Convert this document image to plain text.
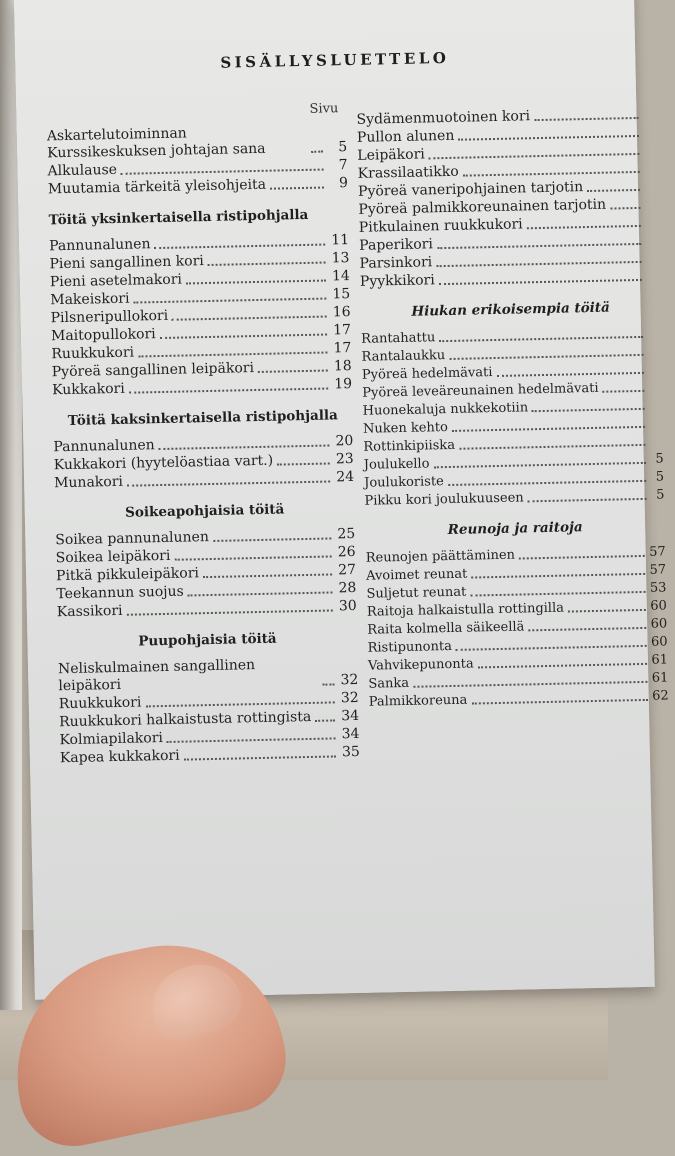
SISÄLLYSLUETTELO
Sivu
Askartelutoiminnan Kurssikeskuksen johtajan sana	5
Alkulause	7
Muutamia tärkeitä yleisohjeita	9
Töitä yksinkertaisella ristipohjalla
Pannunalunen	11
Pieni sangallinen kori	13
Pieni asetelmakori	14
Makeiskori	15
Pilsneripullokori	16
Maitopullokori	17
Ruukkukori	17
Pyöreä sangallinen leipäkori	18
Kukkakori	19
Töitä kaksinkertaisella ristipohjalla
Pannunalunen	20
Kukkakori (hyytelöastiaa vart.)	23
Munakori	24
Soikeapohjaisia töitä
Soikea pannunalunen	25
Soikea leipäkori	26
Pitkä pikkuleipäkori	27
Teekannun suojus	28
Kassikori	30
Puupohjaisia töitä
Neliskulmainen sangallinen leipäkori	32
Ruukkukori	32
Ruukkukori halkaistusta rottingista 34
Kolmiapilakori	34
Kapea kukkakori	35
Sydämenmuotoinen kori
Pullon alunen
Leipäkori
Krassilaatikko
Pyöreä vaneripohjainen tarjotin
Pyöreä palmikkoreunainen tarjotin
Pitkulainen ruukkukori
Paperikori
Parsinkori
Pyykkikori
Hiukan erikoisempia töitä
Rantahattu
Rantalaukku
Pyöreä hedelmävati
Pyöreä leveäreunainen hedelmävati
Huonekaluja nukkekotiin
Nuken kehto
Rottinkipiiska
Joulukello	5
Joulukoriste	5
Pikku kori joulukuuseen	5
Reunoja ja raitoja
Reunojen päättäminen	57
Avoimet reunat	57
Suljetut reunat	53
Raitoja halkaistulla rottingilla	60
Raita kolmella säikeellä	60
Ristipunonta	60
Vahvikepunonta	61
Sanka	61
Palmikkoreuna	62
